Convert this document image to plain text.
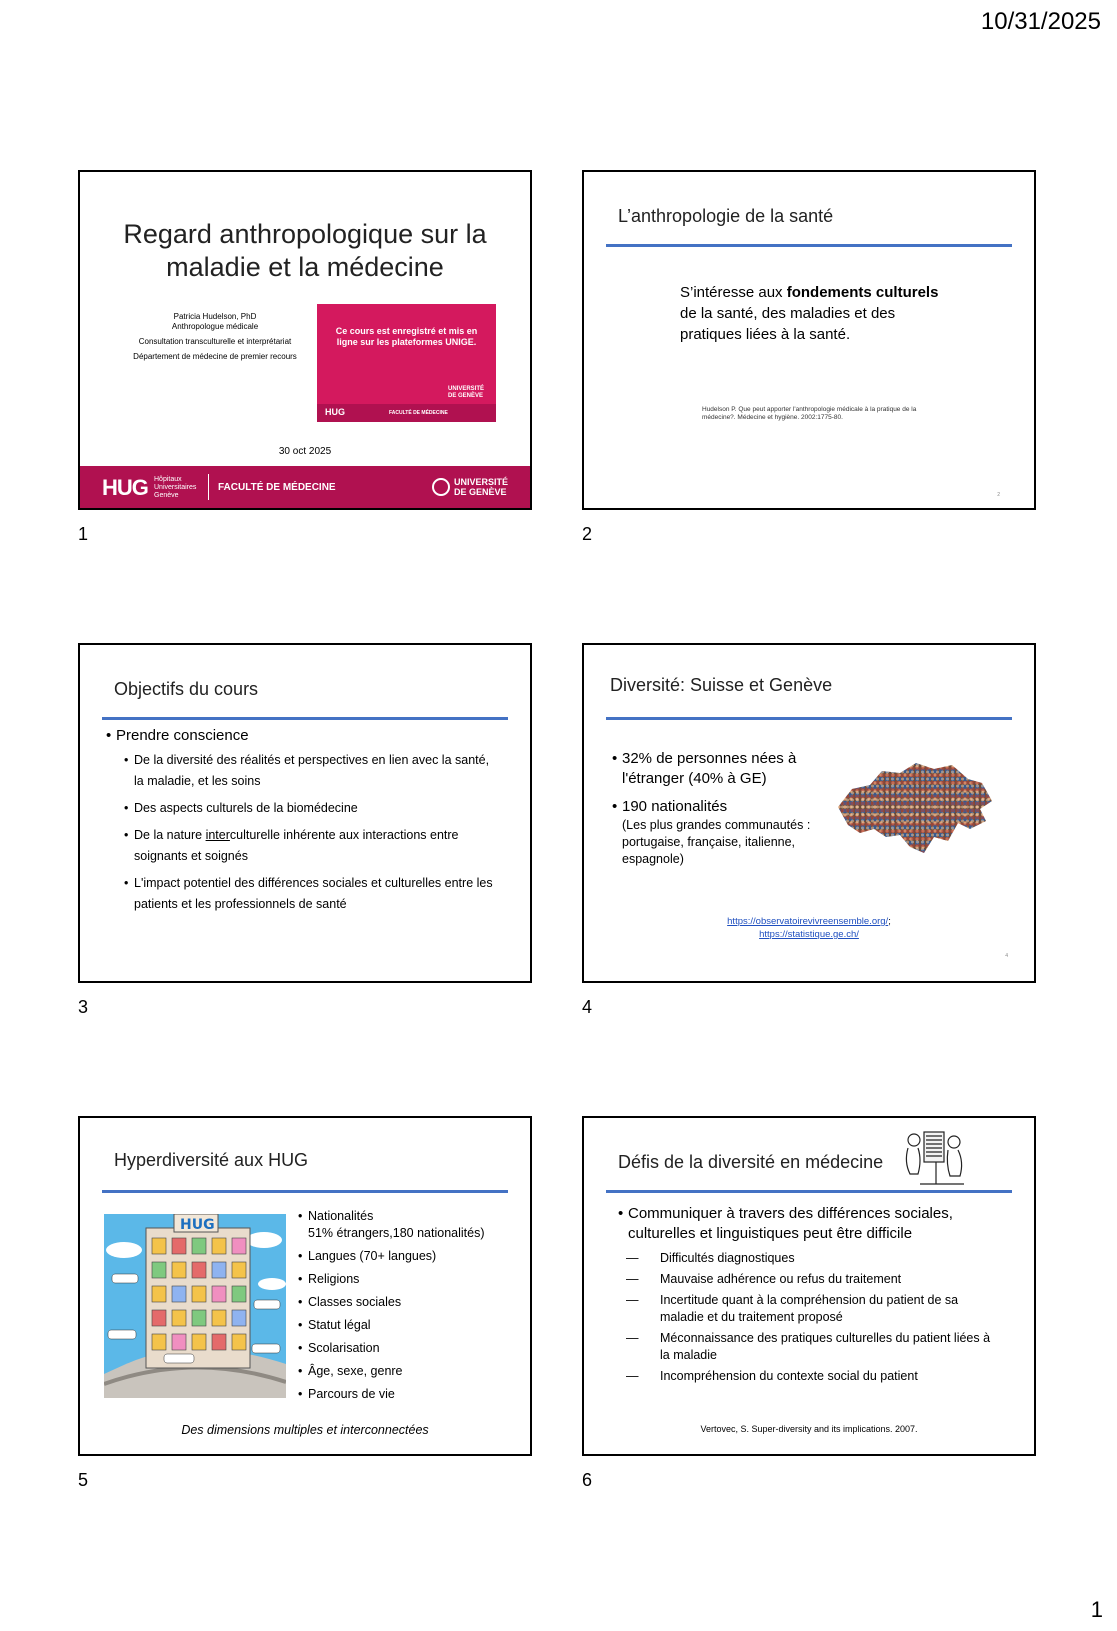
10/31/2025
Regard anthropologique sur la
maladie et la médecine
Patricia Hudelson, PhD
Anthropologue médicale
Consultation transculturelle et interprétariat
Département de médecine de premier recours
Ce cours est enregistré et mis en ligne sur les plateformes UNIGE.
UNIVERSITÉ DE GENÈVE
HUG	FACULTÉ DE MÉDECINE
30 oct 2025
HUG Hôpitaux Universitaires Genève
FACULTÉ DE MÉDECINE	UNIVERSITÉ DE GENÈVE
1
L’anthropologie de la santé
S’intéresse aux fondements culturels
de la santé, des maladies et des pratiques liées à la santé.
Hudelson P. Que peut apporter l'anthropologie médicale à la pratique de la médecine?. Médecine et hygiène. 2002:1775-80.
2
2
Objectifs du cours
• Prendre conscience
• De la diversité des réalités et perspectives en lien avec la santé, la maladie, et les soins
• Des aspects culturels de la biomédecine
• De la nature interculturelle inhérente aux interactions entre soignants et soignés
• L'impact potentiel des différences sociales et culturelles entre les patients et les professionnels de santé
3
Diversité: Suisse et Genève
• 32% de personnes nées à l'étranger (40% à GE)
• 190 nationalités
(Les plus grandes communautés : portugaise, française, italienne, espagnole)
https://observatoirevivreensemble.org/;
https://statistique.ge.ch/
4
4
Hyperdiversité aux HUG
HUG
• Nationalités
51% étrangers,180 nationalités)
• Langues (70+ langues)
• Religions
• Classes sociales
• Statut légal
• Scolarisation
• Âge, sexe, genre
• Parcours de vie
Des dimensions multiples et interconnectées
5
Défis de la diversité en médecine
• Communiquer à travers des différences sociales, culturelles et linguistiques peut être difficile
— Difficultés diagnostiques
— Mauvaise adhérence ou refus du traitement
— Incertitude quant à la compréhension du patient de sa maladie et du traitement proposé
— Méconnaissance des pratiques culturelles du patient liées à la maladie
— Incompréhension du contexte social du patient
Vertovec, S. Super-diversity and its implications. 2007.
6
1
